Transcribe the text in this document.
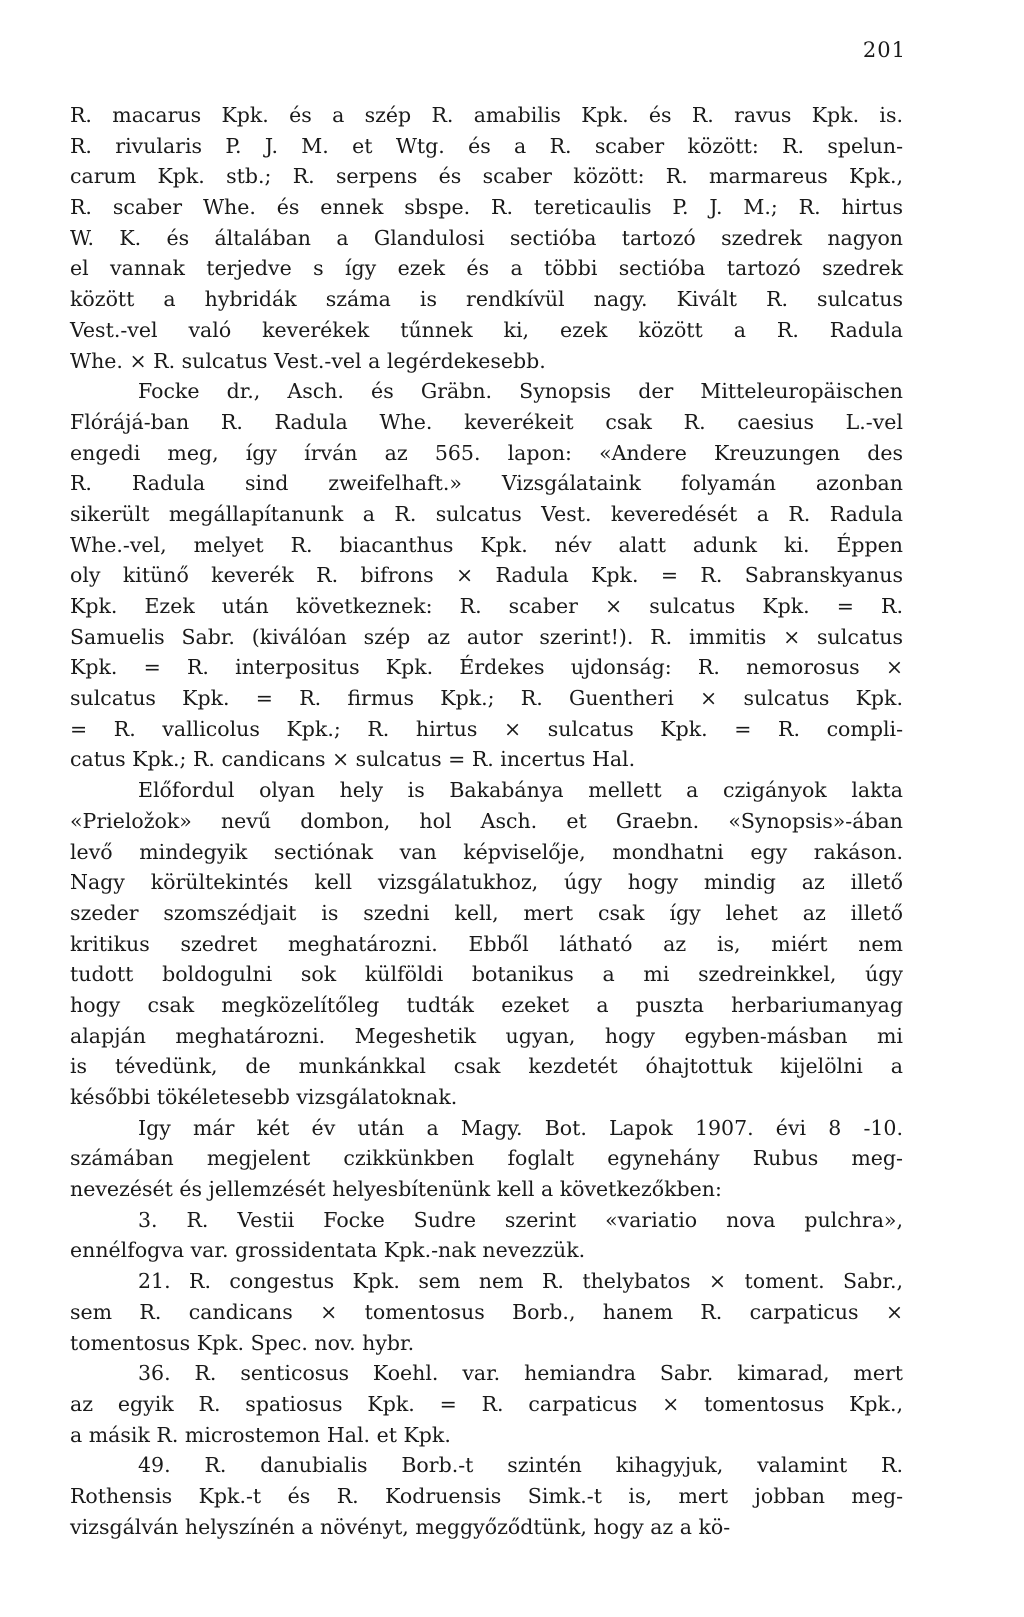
201
R. macarus Kpk. és a szép R. amabilis Kpk. és R. ravus Kpk. is.
R. rivularis P. J. M. et Wtg. és a R. scaber között: R. spelun-
carum Kpk. stb.; R. serpens és scaber között: R. marmareus Kpk.,
R. scaber Whe. és ennek sbspe. R. tereticaulis P. J. M.; R. hirtus
W. K. és általában a Glandulosi sectióba tartozó szedrek nagyon
el vannak terjedve s így ezek és a többi sectióba tartozó szedrek
között a hybridák száma is rendkívül nagy. Kivált R. sulcatus
Vest.-vel való keverékek tűnnek ki, ezek között a R. Radula
Whe. × R. sulcatus Vest.-vel a legérdekesebb.
Focke dr., Asch. és Gräbn. Synopsis der Mitteleuropäischen
Flórájá-ban R. Radula Whe. keverékeit csak R. caesius L.-vel
engedi meg, így írván az 565. lapon: «Andere Kreuzungen des
R. Radula sind zweifelhaft.» Vizsgálataink folyamán azonban
sikerült megállapítanunk a R. sulcatus Vest. keveredését a R. Radula
Whe.-vel, melyet R. biacanthus Kpk. név alatt adunk ki. Éppen
oly kitünő keverék R. bifrons × Radula Kpk. = R. Sabranskyanus
Kpk. Ezek után következnek: R. scaber × sulcatus Kpk. = R.
Samuelis Sabr. (kiválóan szép az autor szerint!). R. immitis × sulcatus
Kpk. = R. interpositus Kpk. Érdekes ujdonság: R. nemorosus ×
sulcatus Kpk. = R. firmus Kpk.; R. Guentheri × sulcatus Kpk.
= R. vallicolus Kpk.; R. hirtus × sulcatus Kpk. = R. compli-
catus Kpk.; R. candicans × sulcatus = R. incertus Hal.
Előfordul olyan hely is Bakabánya mellett a czigányok lakta
«Prieložok» nevű dombon, hol Asch. et Graebn. «Synopsis»-ában
levő mindegyik sectiónak van képviselője, mondhatni egy rakáson.
Nagy körültekintés kell vizsgálatukhoz, úgy hogy mindig az illető
szeder szomszédjait is szedni kell, mert csak így lehet az illető
kritikus szedret meghatározni. Ebből látható az is, miért nem
tudott boldogulni sok külföldi botanikus a mi szedreinkkel, úgy
hogy csak megközelítőleg tudták ezeket a puszta herbariumanyag
alapján meghatározni. Megeshetik ugyan, hogy egyben-másban mi
is tévedünk, de munkánkkal csak kezdetét óhajtottuk kijelölni a
későbbi tökéletesebb vizsgálatoknak.
Igy már két év után a Magy. Bot. Lapok 1907. évi 8 -10.
számában megjelent czikkünkben foglalt egynehány Rubus meg-
nevezését és jellemzését helyesbítenünk kell a következőkben:
3. R. Vestii Focke Sudre szerint «variatio nova pulchra»,
ennélfogva var. grossidentata Kpk.-nak nevezzük.
21. R. congestus Kpk. sem nem R. thelybatos × toment. Sabr.,
sem R. candicans × tomentosus Borb., hanem R. carpaticus ×
tomentosus Kpk. Spec. nov. hybr.
36. R. senticosus Koehl. var. hemiandra Sabr. kimarad, mert
az egyik R. spatiosus Kpk. = R. carpaticus × tomentosus Kpk.,
a másik R. microstemon Hal. et Kpk.
49. R. danubialis Borb.-t szintén kihagyjuk, valamint R.
Rothensis Kpk.-t és R. Kodruensis Simk.-t is, mert jobban meg-
vizsgálván helyszínén a növényt, meggyőződtünk, hogy az a kö-
